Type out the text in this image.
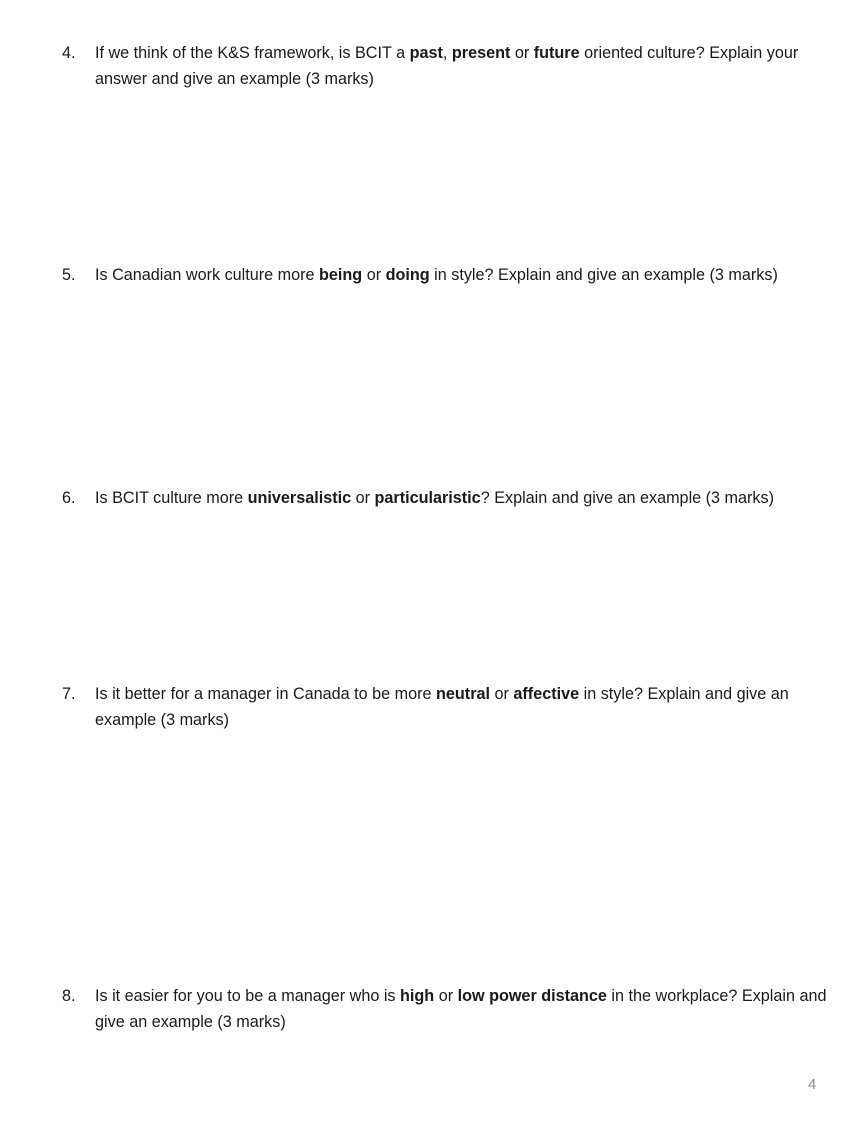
4.	If we think of the K&S framework, is BCIT a past, present or future oriented culture? Explain your answer and give an example (3 marks)
5.	Is Canadian work culture more being or doing in style? Explain and give an example (3 marks)
6.	Is BCIT culture more universalistic or particularistic? Explain and give an example (3 marks)
7.	Is it better for a manager in Canada to be more neutral or affective in style? Explain and give an example (3 marks)
8.	Is it easier for you to be a manager who is high or low power distance in the workplace? Explain and give an example (3 marks)
4
